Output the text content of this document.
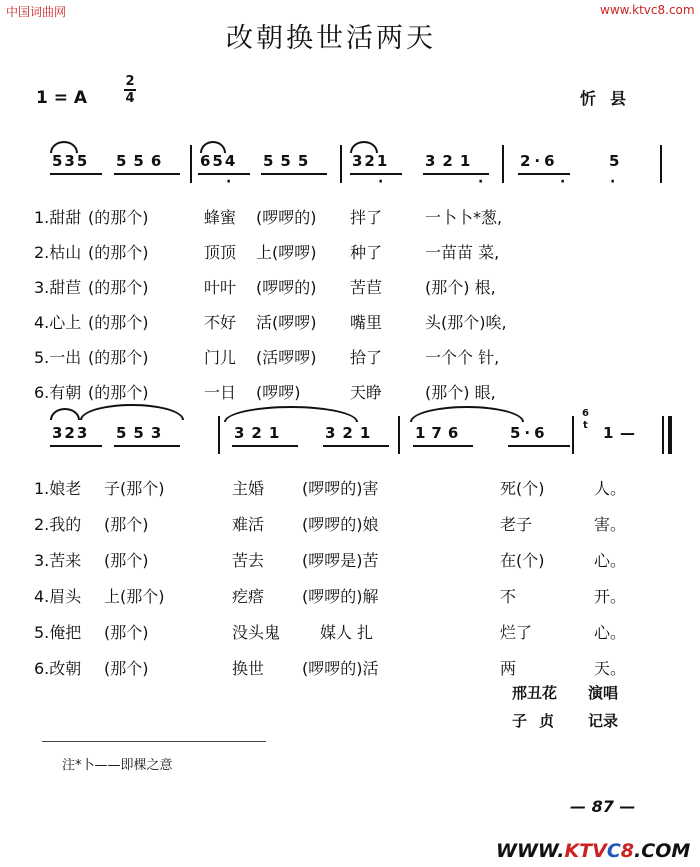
中国词曲网	www.ktvc8.com
改朝换世活两天
1 = A
2
4	忻县
535 556 654 555 321 321	2·6	5
·	·	·	·	·
1.甜甜 (的那个)	蜂蜜 (啰啰的) 拌了	一卜卜*葱,
2.枯山 (的那个)	顶顶 上(啰啰) 种了	一苗苗 菜,
3.甜苣 (的那个)	叶叶 (啰啰的) 苦苣	(那个) 根,
4.心上 (的那个)	不好 活(啰啰) 嘴里	头(那个)唉,
5.一出 (的那个)	门儿 (活啰啰) 拾了	一个个 针,
6.有朝 (的那个)	一日 (啰啰)	天睁	(那个) 眼,
323 553	321	321	176	5·6	1 —
6
t
1.娘老 子(那个)	主婚 (啰啰的)害	死(个)	人。
2.我的 (那个)	难活 (啰啰的)娘	老子	害。
3.苦来 (那个)	苦去 (啰啰是)苦	在(个)	心。
4.眉头 上(那个)	疙瘩 (啰啰的)解	不	开。
5.俺把 (那个)	没头鬼 媒人 扎	烂了	心。
6.改朝 (那个)	换世 (啰啰的)活	两	天。
邢丑花 演唱
子贞 记录
注*卜——即棵之意
— 87 —
WWW.KTVC8.COM
